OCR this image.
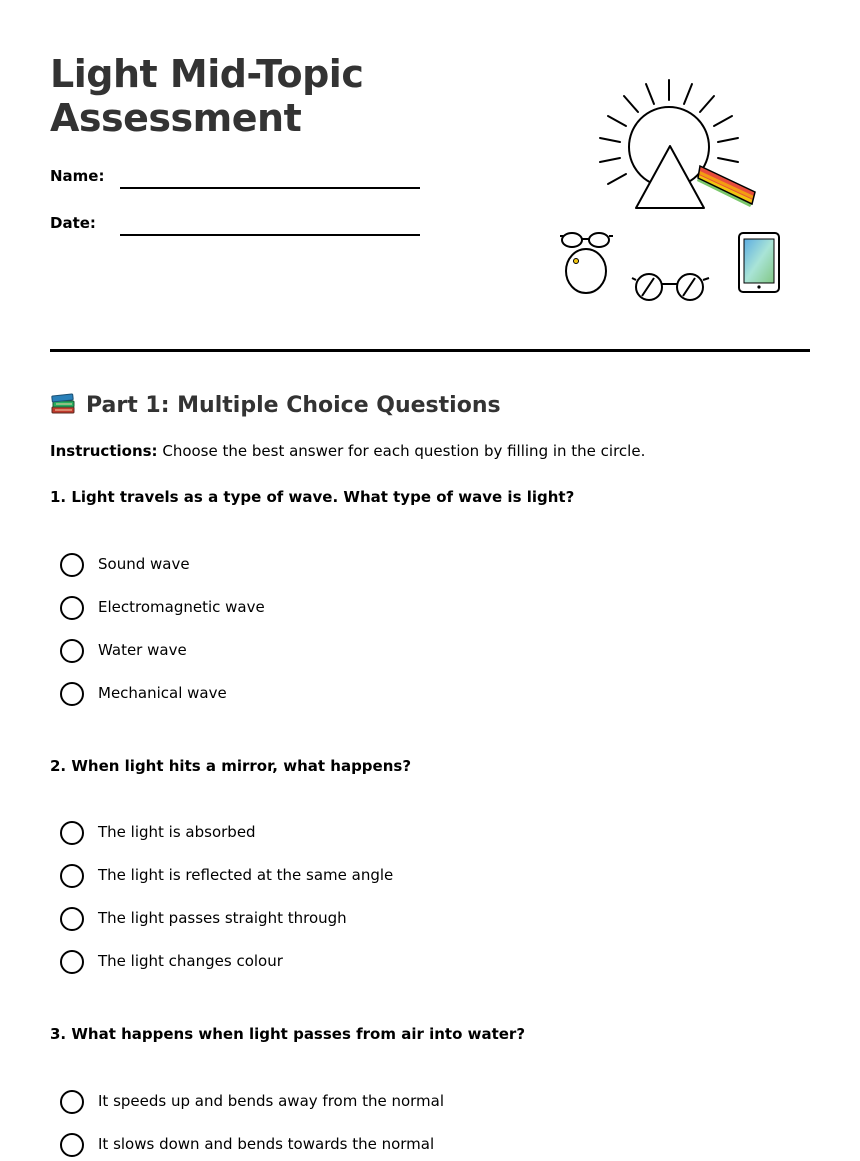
Light Mid-Topic Assessment
Name:
Date:
Part 1: Multiple Choice Questions
Instructions: Choose the best answer for each question by filling in the circle.
1. Light travels as a type of wave. What type of wave is light?
Sound wave
Electromagnetic wave
Water wave
Mechanical wave
2. When light hits a mirror, what happens?
The light is absorbed
The light is reflected at the same angle
The light passes straight through
The light changes colour
3. What happens when light passes from air into water?
It speeds up and bends away from the normal
It slows down and bends towards the normal
